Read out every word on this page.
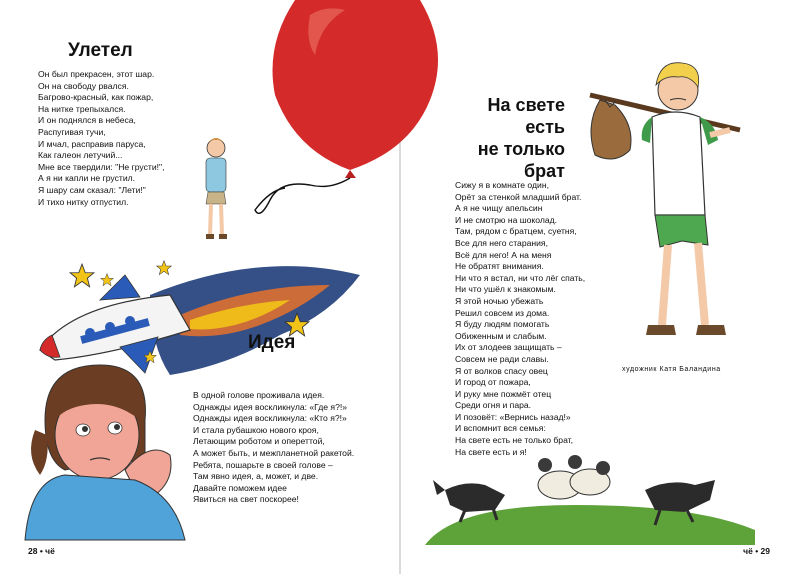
Улетел
Он был прекрасен, этот шар.
Он на свободу рвался.
Багрово-красный, как пожар,
На нитке трепыхался.
И он поднялся в небеса,
Распугивая тучи,
И мчал, расправив паруса,
Как галеон летучий...
Мне все твердили: "Не грусти!",
А я ни капли не грустил.
Я шару сам сказал: "Лети!"
И тихо нитку отпустил.
Идея
В одной голове проживала идея.
Однажды идея воскликнула: «Где я?!»
Однажды идея воскликнула: «Кто я?!»
И стала рубашкою нового кроя,
Летающим роботом и опереттой,
А может быть, и межпланетной ракетой.
Ребята, пошарьте в своей голове –
Там явно идея, а, может, и две.
Давайте поможем идее
Явиться на свет поскорее!
28 • чё
На свете
есть
не только
брат
Сижу я в комнате один,
Орёт за стенкой младший брат.
А я не чищу апельсин
И не смотрю на шоколад.
Там, рядом с братцем, суетня,
Все для него старания,
Всё для него! А на меня
Не обратят внимания.
Ни что я встал, ни что лёг спать,
Ни что ушёл к знакомым.
Я этой ночью убежать
Решил совсем из дома.
Я буду людям помогать
Обиженным и слабым.
Их от злодеев защищать –
Совсем не ради славы.
Я от волков спасу овец
И город от пожара,
И руку мне пожмёт отец
Среди огня и пара.
И позовёт: «Вернись назад!»
И вспомнит вся семья:
На свете есть не только брат,
На свете есть и я!
художник Катя Баландина
чё • 29
